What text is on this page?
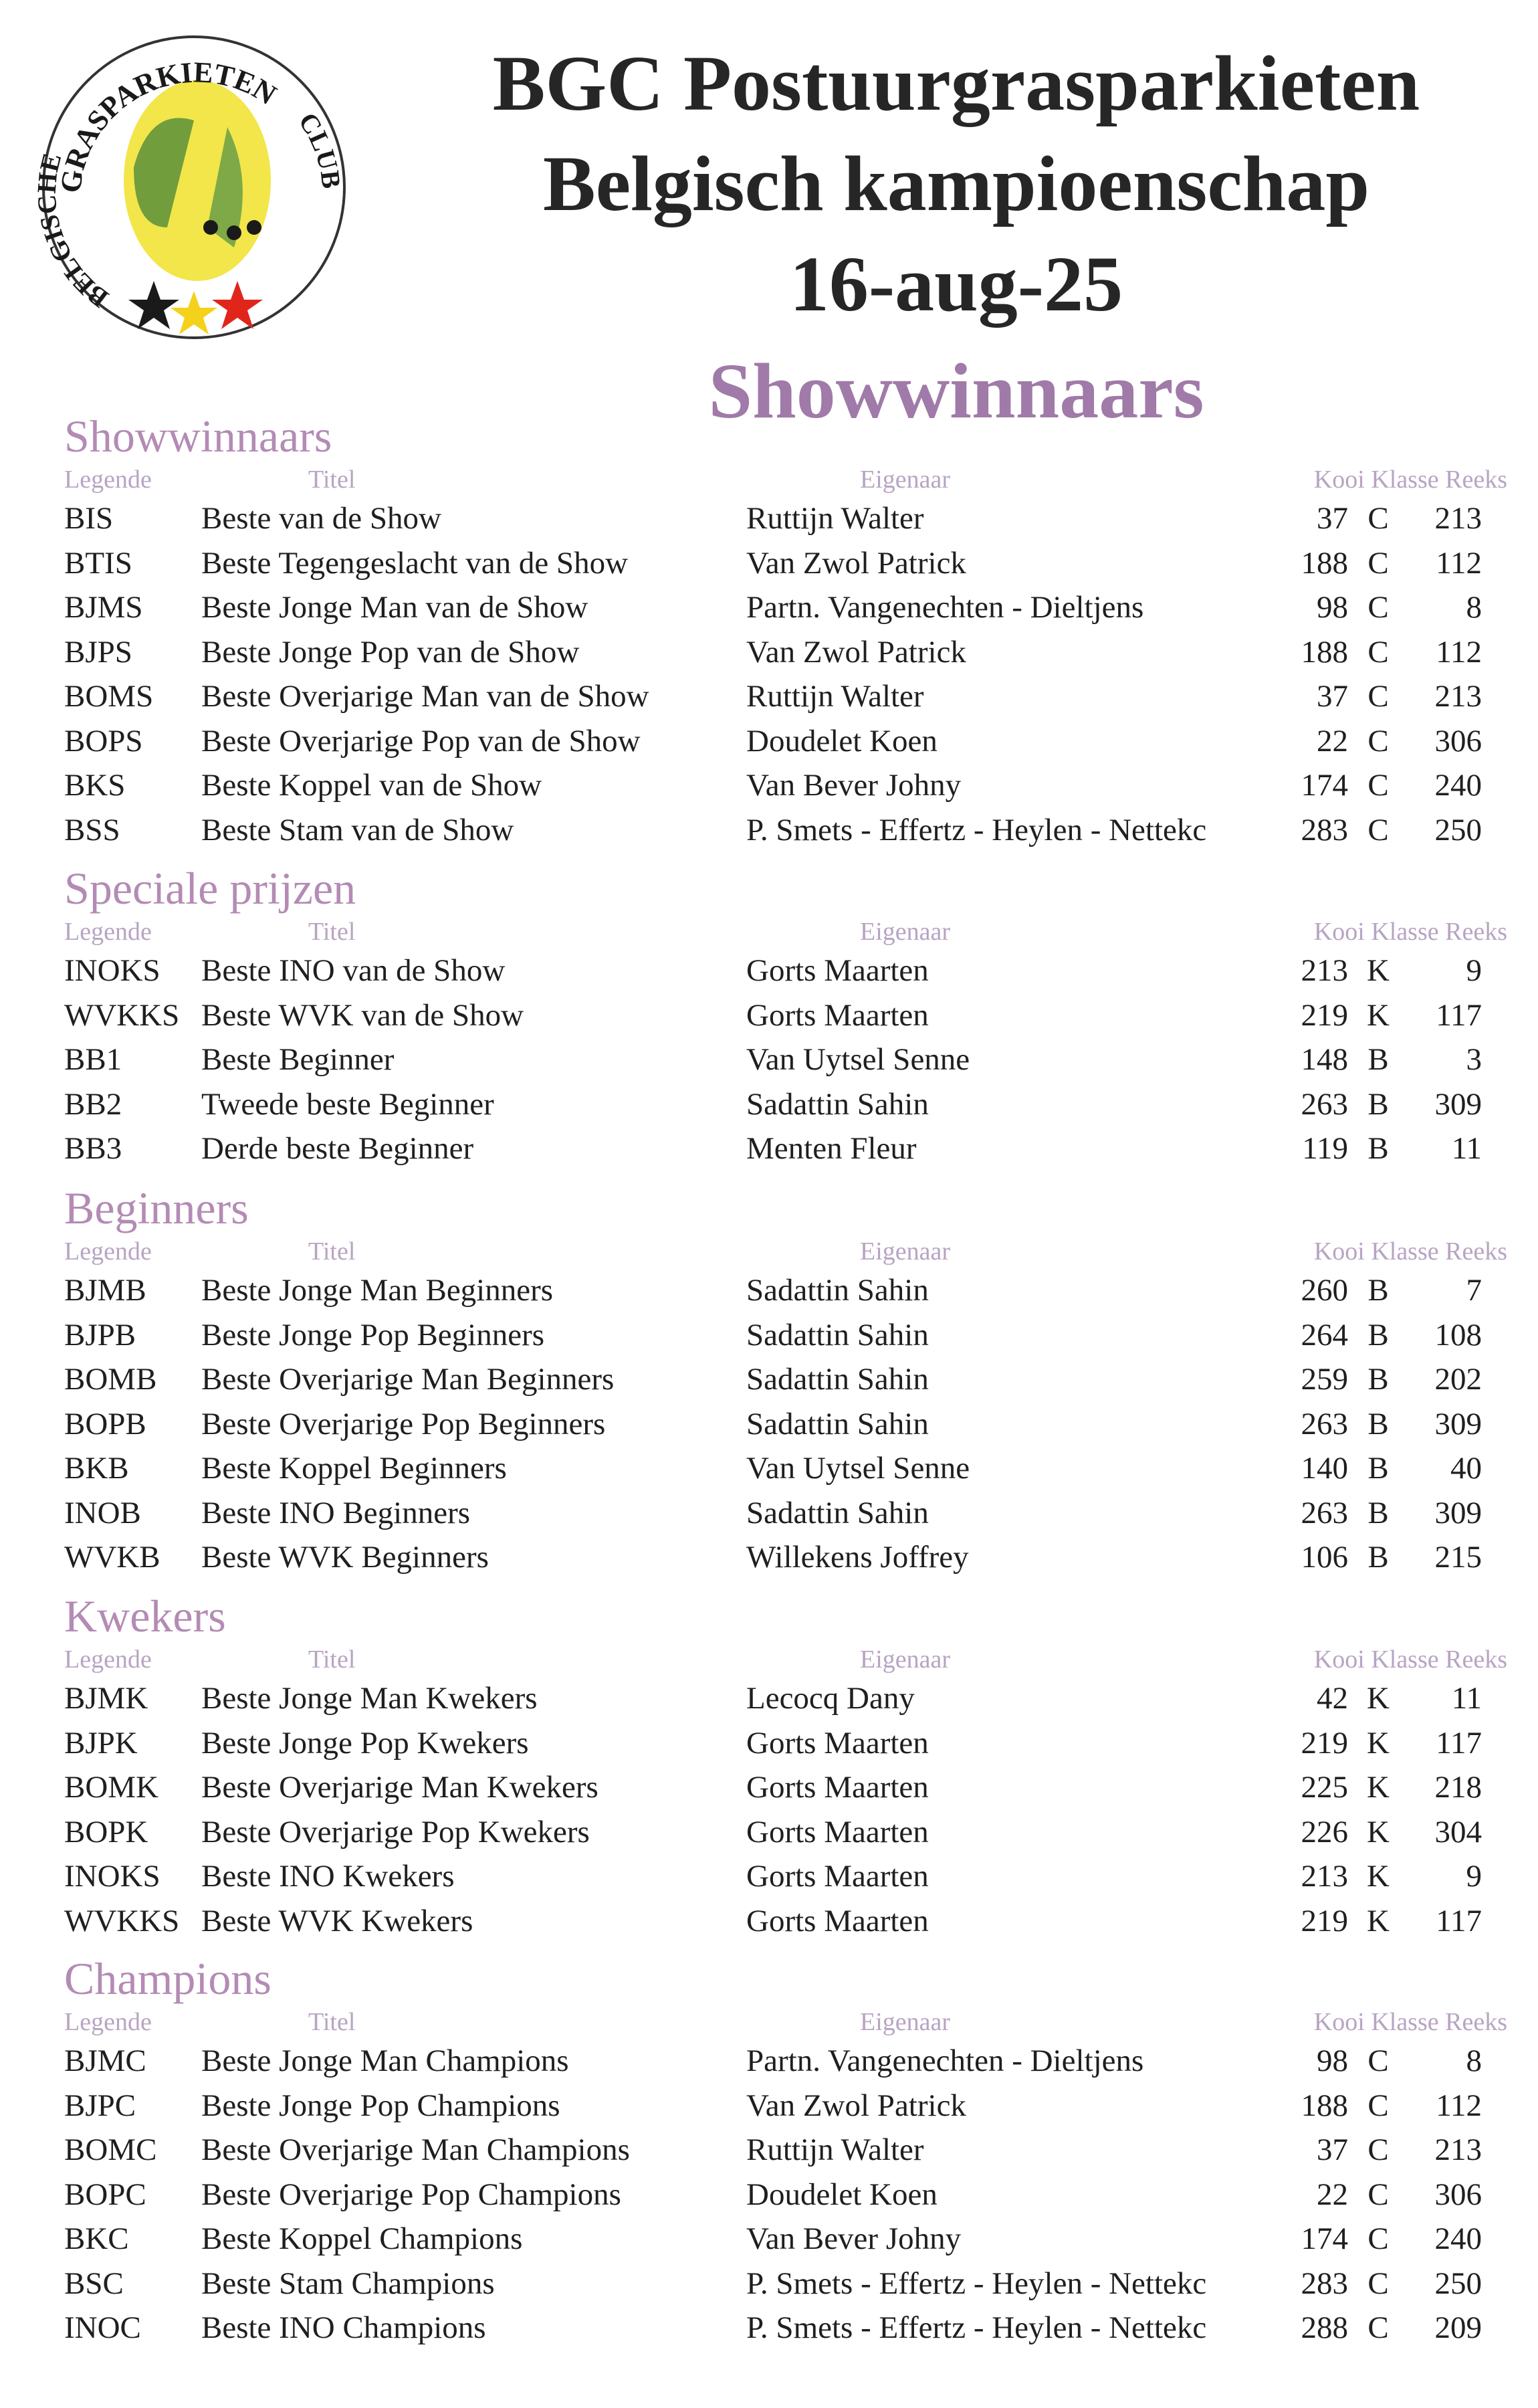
GRASPARKIETEN
BELGISCHE
CLUB
BGC Postuurgrasparkieten
Belgisch kampioenschap
16-aug-25
Showwinnaars
Showwinnaars
Legende	Titel	Eigenaar	Kooi Klasse Reeks
BIS	Beste van de Show	Ruttijn Walter	37 C	213
BTIS	Beste Tegengeslacht van de Show	Van Zwol Patrick	188 C	112
BJMS	Beste Jonge Man van de Show	Partn. Vangenechten - Dieltjens	98 C	8
BJPS	Beste Jonge Pop van de Show	Van Zwol Patrick	188 C	112
BOMS	Beste Overjarige Man van de Show	Ruttijn Walter	37 C	213
BOPS	Beste Overjarige Pop van de Show	Doudelet Koen	22 C	306
BKS	Beste Koppel van de Show	Van Bever Johny	174 C	240
BSS	Beste Stam van de Show	P. Smets - Effertz - Heylen - Nettekc	283 C	250
Speciale prijzen
Legende	Titel	Eigenaar	Kooi Klasse Reeks
INOKS	Beste INO van de Show	Gorts Maarten	213 K	9
WVKKS Beste WVK van de Show	Gorts Maarten	219 K	117
BB1	Beste Beginner	Van Uytsel Senne	148 B	3
BB2	Tweede beste Beginner	Sadattin Sahin	263 B	309
BB3	Derde beste Beginner	Menten Fleur	119 B	11
Beginners
Legende	Titel	Eigenaar	Kooi Klasse Reeks
BJMB	Beste Jonge Man Beginners	Sadattin Sahin	260 B	7
BJPB	Beste Jonge Pop Beginners	Sadattin Sahin	264 B	108
BOMB	Beste Overjarige Man Beginners	Sadattin Sahin	259 B	202
BOPB	Beste Overjarige Pop Beginners	Sadattin Sahin	263 B	309
BKB	Beste Koppel Beginners	Van Uytsel Senne	140 B	40
INOB	Beste INO Beginners	Sadattin Sahin	263 B	309
WVKB	Beste WVK Beginners	Willekens Joffrey	106 B	215
Kwekers
Legende	Titel	Eigenaar	Kooi Klasse Reeks
BJMK	Beste Jonge Man Kwekers	Lecocq Dany	42 K	11
BJPK	Beste Jonge Pop Kwekers	Gorts Maarten	219 K	117
BOMK	Beste Overjarige Man Kwekers	Gorts Maarten	225 K	218
BOPK	Beste Overjarige Pop Kwekers	Gorts Maarten	226 K	304
INOKS	Beste INO Kwekers	Gorts Maarten	213 K	9
WVKKS Beste WVK Kwekers	Gorts Maarten	219 K	117
Champions
Legende	Titel	Eigenaar	Kooi Klasse Reeks
BJMC	Beste Jonge Man Champions	Partn. Vangenechten - Dieltjens	98 C	8
BJPC	Beste Jonge Pop Champions	Van Zwol Patrick	188 C	112
BOMC	Beste Overjarige Man Champions	Ruttijn Walter	37 C	213
BOPC	Beste Overjarige Pop Champions	Doudelet Koen	22 C	306
BKC	Beste Koppel Champions	Van Bever Johny	174 C	240
BSC	Beste Stam Champions	P. Smets - Effertz - Heylen - Nettekc	283 C	250
INOC	Beste INO Champions	P. Smets - Effertz - Heylen - Nettekc	288 C	209
